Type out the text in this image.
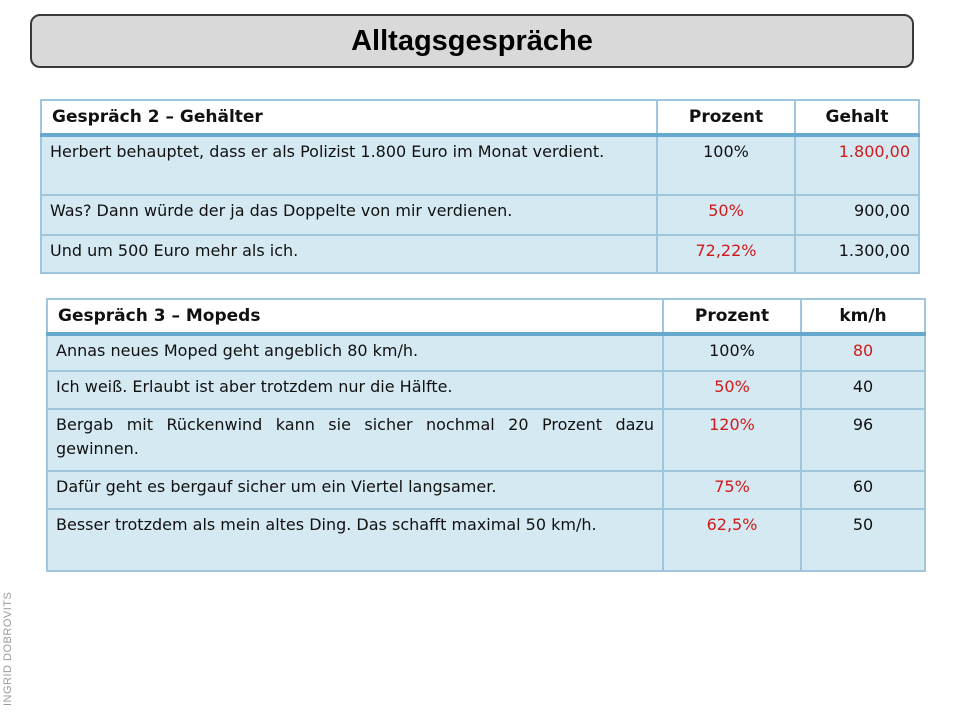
Alltagsgespräche
INGRID DOBROVITS
Gespräch 2 – Gehälter	Prozent	Gehalt
Herbert behauptet, dass er als Polizist 1.800 Euro im Monat verdient.	100%	1.800,00
Was? Dann würde der ja das Doppelte von mir verdienen.	50%	900,00
Und um 500 Euro mehr als ich.	72,22%	1.300,00
Gespräch 3 – Mopeds	Prozent	km/h
Annas neues Moped geht angeblich 80 km/h.	100%	80
Ich weiß. Erlaubt ist aber trotzdem nur die Hälfte.	50%	40
Bergab mit Rückenwind kann sie sicher nochmal 20 Prozent dazu gewinnen.	120%	96
Dafür geht es bergauf sicher um ein Viertel langsamer.	75%	60
Besser trotzdem als mein altes Ding. Das schafft maximal 50 km/h.	62,5%	50
